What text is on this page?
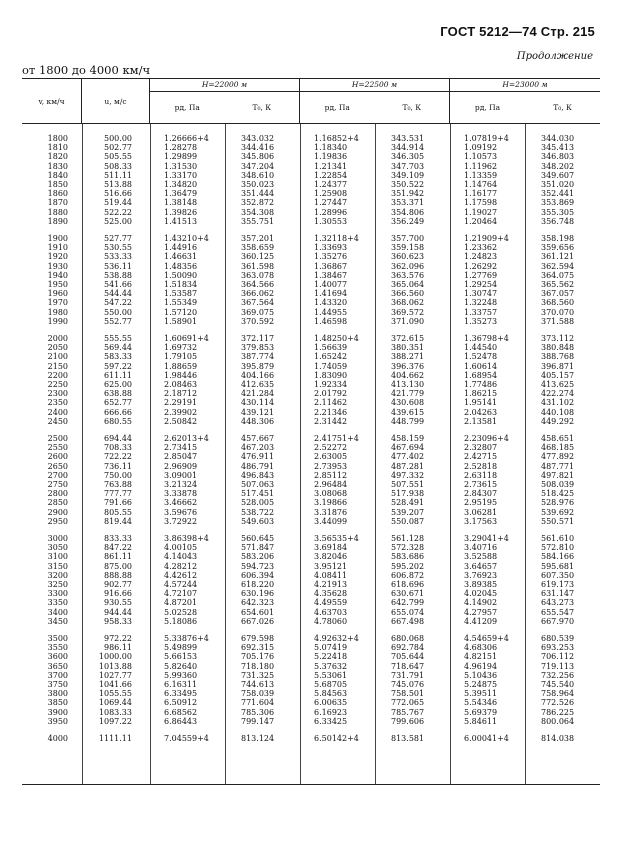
ГОСТ 5212—74 Стр. 215
Продолжение
от 1800 до 4000 км/ч
v, км/ч	u, м/с
H=22000 м
pд, Па	T₀, К
H=22500 м
pд, Па	T₀, К
H=23000 м
pд, Па	T₀, К
1800	500.00	1.26666+4	343.032	1.16852+4	343.531	1.07819+4	344.030
1810	502.77	1.28278	344.416	1.18340	344.914	1.09192	345.413
1820	505.55	1.29899	345.806	1.19836	346.305	1.10573	346.803
1830	508.33	1.31530	347.204	1.21341	347.703	1.11962	348.202
1840	511.11	1.33170	348.610	1.22854	349.109	1.13359	349.607
1850	513.88	1.34820	350.023	1.24377	350.522	1.14764	351.020
1860	516.66	1.36479	351.444	1.25908	351.942	1.16177	352.441
1870	519.44	1.38148	352.872	1.27447	353.371	1.17598	353.869
1880	522.22	1.39826	354.308	1.28996	354.806	1.19027	355.305
1890	525.00	1.41513	355.751	1.30553	356.249	1.20464	356.748
1900	527.77	1.43210+4	357.201	1.32118+4	357.700	1.21909+4	358.198
1910	530.55	1.44916	358.659	1.33693	359.158	1.23362	359.656
1920	533.33	1.46631	360.125	1.35276	360.623	1.24823	361.121
1930	536.11	1.48356	361.598	1.36867	362.096	1.26292	362.594
1940	538.88	1.50090	363.078	1.38467	363.576	1.27769	364.075
1950	541.66	1.51834	364.566	1.40077	365.064	1.29254	365.562
1960	544.44	1.53587	366.062	1.41694	366.560	1.30747	367.057
1970	547.22	1.55349	367.564	1.43320	368.062	1.32248	368.560
1980	550.00	1.57120	369.075	1.44955	369.572	1.33757	370.070
1990	552.77	1.58901	370.592	1.46598	371.090	1.35273	371.588
2000	555.55	1.60691+4	372.117	1.48250+4	372.615	1.36798+4	373.112
2050	569.44	1.69732	379.853	1.56639	380.351	1.44540	380.848
2100	583.33	1.79105	387.774	1.65242	388.271	1.52478	388.768
2150	597.22	1.88659	395.879	1.74059	396.376	1.60614	396.871
2200	611.11	1.98446	404.166	1.83090	404.662	1.68954	405.157
2250	625.00	2.08463	412.635	1.92334	413.130	1.77486	413.625
2300	638.88	2.18712	421.284	2.01792	421.779	1.86215	422.274
2350	652.77	2.29191	430.114	2.11462	430.608	1.95141	431.102
2400	666.66	2.39902	439.121	2.21346	439.615	2.04263	440.108
2450	680.55	2.50842	448.306	2.31442	448.799	2.13581	449.292
2500	694.44	2.62013+4	457.667	2.41751+4	458.159	2.23096+4	458.651
2550	708.33	2.73415	467.203	2.52272	467.694	2.32807	468.185
2600	722.22	2.85047	476.911	2.63005	477.402	2.42715	477.892
2650	736.11	2.96909	486.791	2.73953	487.281	2.52818	487.771
2700	750.00	3.09001	496.843	2.85112	497.332	2.63118	497.821
2750	763.88	3.21324	507.063	2.96484	507.551	2.73615	508.039
2800	777.77	3.33878	517.451	3.08068	517.938	2.84307	518.425
2850	791.66	3.46662	528.005	3.19866	528.491	2.95195	528.976
2900	805.55	3.59676	538.722	3.31876	539.207	3.06281	539.692
2950	819.44	3.72922	549.603	3.44099	550.087	3.17563	550.571
3000	833.33	3.86398+4	560.645	3.56535+4	561.128	3.29041+4	561.610
3050	847.22	4.00105	571.847	3.69184	572.328	3.40716	572.810
3100	861.11	4.14043	583.206	3.82046	583.686	3.52588	584.166
3150	875.00	4.28212	594.723	3.95121	595.202	3.64657	595.681
3200	888.88	4.42612	606.394	4.08411	606.872	3.76923	607.350
3250	902.77	4.57244	618.220	4.21913	618.696	3.89385	619.173
3300	916.66	4.72107	630.196	4.35628	630.671	4.02045	631.147
3350	930.55	4.87201	642.323	4.49559	642.799	4.14902	643.273
3400	944.44	5.02528	654.601	4.63703	655.074	4.27957	655.547
3450	958.33	5.18086	667.026	4.78060	667.498	4.41209	667.970
3500	972.22	5.33876+4	679.598	4.92632+4	680.068	4.54659+4	680.539
3550	986.11	5.49899	692.315	5.07419	692.784	4.68306	693.253
3600	1000.00	5.66153	705.176	5.22418	705.644	4.82151	706.112
3650	1013.88	5.82640	718.180	5.37632	718.647	4.96194	719.113
3700	1027.77	5.99360	731.325	5.53061	731.791	5.10436	732.256
3750	1041.66	6.16311	744.613	5.68705	745.076	5.24875	745.540
3800	1055.55	6.33495	758.039	5.84563	758.501	5.39511	758.964
3850	1069.44	6.50912	771.604	6.00635	772.065	5.54346	772.526
3900	1083.33	6.68562	785.306	6.16923	785.767	5.69379	786.225
3950	1097.22	6.86443	799.147	6.33425	799.606	5.84611	800.064
4000	1111.11	7.04559+4	813.124	6.50142+4	813.581	6.00041+4	814.038
